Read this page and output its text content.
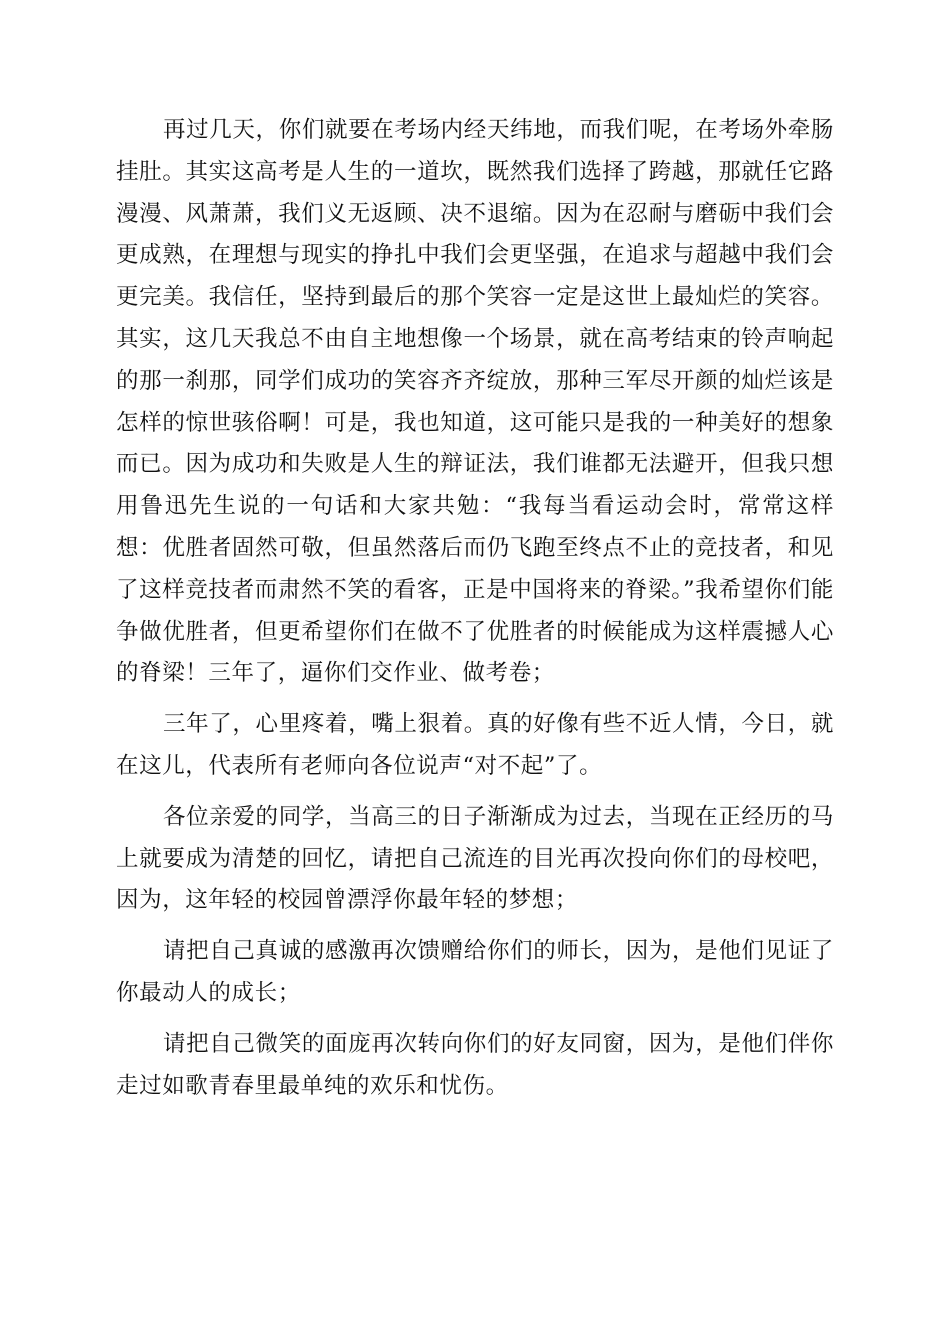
再过几天，你们就要在考场内经天纬地，而我们呢，在考场外牵肠挂肚。其实这高考是人生的一道坎，既然我们选择了跨越，那就任它路漫漫、风萧萧，我们义无返顾、决不退缩。因为在忍耐与磨砺中我们会更成熟，在理想与现实的挣扎中我们会更坚强，在追求与超越中我们会更完美。我信任，坚持到最后的那个笑容一定是这世上最灿烂的笑容。其实，这几天我总不由自主地想像一个场景，就在高考结束的铃声响起的那一刹那，同学们成功的笑容齐齐绽放，那种三军尽开颜的灿烂该是怎样的惊世骇俗啊！可是，我也知道，这可能只是我的一种美好的想象而已。因为成功和失败是人生的辩证法，我们谁都无法避开，但我只想用鲁迅先生说的一句话和大家共勉：“我每当看运动会时，常常这样想：优胜者固然可敬，但虽然落后而仍飞跑至终点不止的竞技者，和见了这样竞技者而肃然不笑的看客，正是中国将来的脊梁。”我希望你们能争做优胜者，但更希望你们在做不了优胜者的时候能成为这样震撼人心的脊梁！三年了，逼你们交作业、做考卷；

三年了，心里疼着，嘴上狠着。真的好像有些不近人情，今日，就在这儿，代表所有老师向各位说声“对不起”了。

各位亲爱的同学，当高三的日子渐渐成为过去，当现在正经历的马上就要成为清楚的回忆，请把自己流连的目光再次投向你们的母校吧，因为，这年轻的校园曾漂浮你最年轻的梦想；

请把自己真诚的感激再次馈赠给你们的师长，因为，是他们见证了你最动人的成长；

请把自己微笑的面庞再次转向你们的好友同窗，因为，是他们伴你走过如歌青春里最单纯的欢乐和忧伤。
